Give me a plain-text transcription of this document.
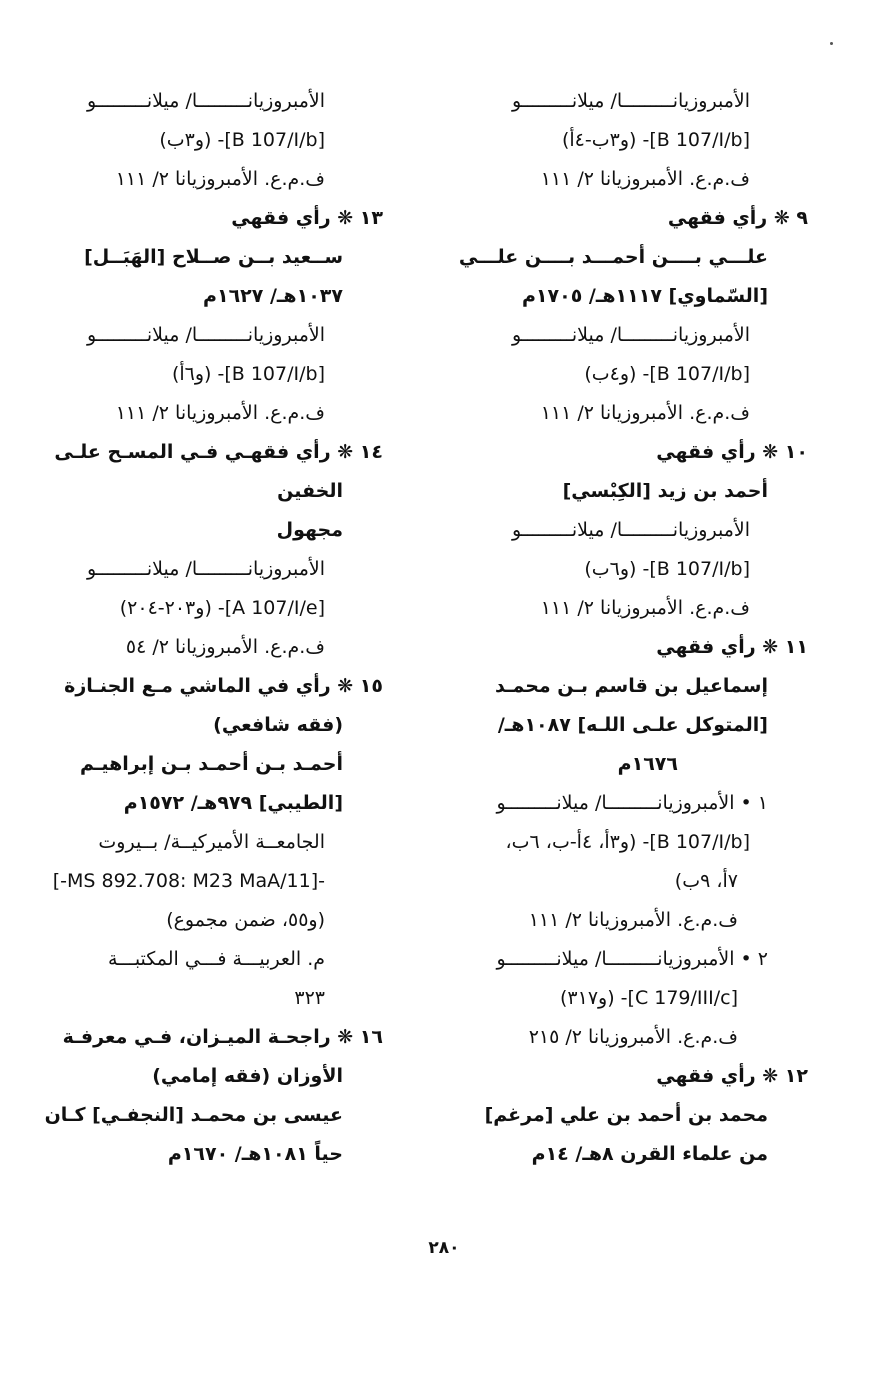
الأمبروزيانـــــــــا/ ميلانـــــــــو
[B 107/I/b]- (و٣ب-٤أ)
ف.م.ع. الأمبروزيانا ٢/ ١١١
٩ ❋ رأي فقهي
علـــي بــــن أحمـــد بــــن علـــي
[السّماوي] ١١١٧هـ/ ١٧٠٥م
الأمبروزيانـــــــــا/ ميلانـــــــــو
[B 107/I/b]- (و٤ب)
ف.م.ع. الأمبروزيانا ٢/ ١١١
١٠ ❋ رأي فقهي
أحمد بن زيد [الكِبْسي]
الأمبروزيانـــــــــا/ ميلانـــــــــو
[B 107/I/b]- (و٦ب)
ف.م.ع. الأمبروزيانا ٢/ ١١١
١١ ❋ رأي فقهي
إسماعيل بن قاسم بـن محمـد
[المتوكل علـى اللـه] ١٠٨٧هـ/
١٦٧٦م
١ • الأمبروزيانـــــــــا/ ميلانـــــــــو
[B 107/I/b]- (و٣أ، ٤أ-ب، ٦ب،
٧أ، ٩ب)
ف.م.ع. الأمبروزيانا ٢/ ١١١
٢ • الأمبروزيانـــــــــا/ ميلانـــــــــو
[C 179/III/c]- (و٣١٧)
ف.م.ع. الأمبروزيانا ٢/ ٢١٥
١٢ ❋ رأي فقهي
محمد بن أحمد بن علي [مرغم]
من علماء القرن ٨هـ/ ١٤م
الأمبروزيانـــــــــا/ ميلانـــــــــو
[B 107/I/b]- (و٣ب)
ف.م.ع. الأمبروزيانا ٢/ ١١١
١٣ ❋ رأي فقهي
ســعيد بــن صــلاح [الهَبَــل]
١٠٣٧هـ/ ١٦٢٧م
الأمبروزيانـــــــــا/ ميلانـــــــــو
[B 107/I/b]- (و٦أ)
ف.م.ع. الأمبروزيانا ٢/ ١١١
١٤ ❋ رأي فقهـي فـي المسـح علـى
الخفين
مجهول
الأمبروزيانـــــــــا/ ميلانـــــــــو
[A 107/I/e]- (و٢٠٣-٢٠٤)
ف.م.ع. الأمبروزيانا ٢/ ٥٤
١٥ ❋ رأي في الماشي مـع الجنـازة
(فقه شافعي)
أحمـد بـن أحمـد بـن إبراهيـم
[الطيبي] ٩٧٩هـ/ ١٥٧٢م
الجامعــة الأميركيــة/ بــيروت
-[MS 892.708: M23 MaA/11-]
(و٥٥، ضمن مجموع)
م. العربيـــة فـــي المكتبـــة
٣٢٣
١٦ ❋ راجحـة الميـزان، فـي معرفـة
الأوزان (فقه إمامي)
عيسى بن محمـد [النجفـي] كـان
حياً ١٠٨١هـ/ ١٦٧٠م
٢٨٠
